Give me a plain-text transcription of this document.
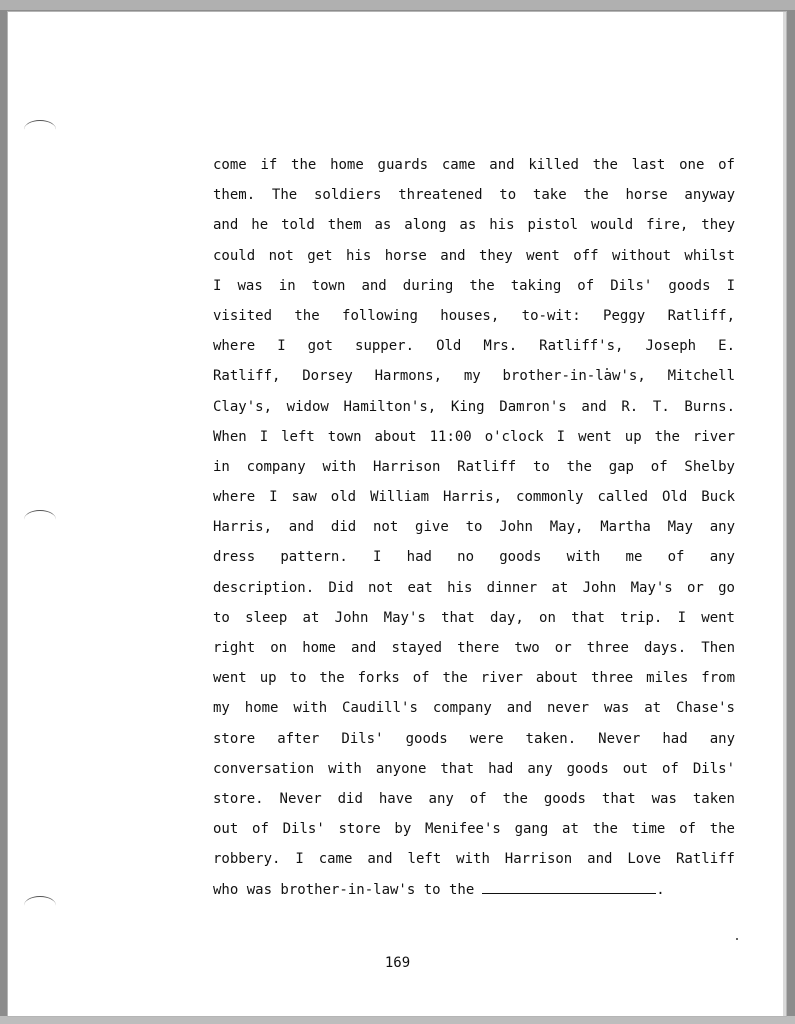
come if the home guards came and killed the last one of
them. The soldiers threatened to take the horse anyway
and he told them as along as his pistol would fire, they
could not get his horse and they went off without whilst
I was in town and during the taking of Dils' goods I
visited the following houses, to-wit: Peggy Ratliff,
where I got supper. Old Mrs. Ratliff's, Joseph E.
Ratliff, Dorsey Harmons, my brother-in-law's, Mitchell
Clay's, widow Hamilton's, King Damron's and R. T. Burns.
When I left town about 11:00 o'clock I went up the river
in company with Harrison Ratliff to the gap of Shelby
where I saw old William Harris, commonly called Old Buck
Harris, and did not give to John May, Martha May any
dress pattern. I had no goods with me of any
description. Did not eat his dinner at John May's or go
to sleep at John May's that day, on that trip. I went
right on home and stayed there two or three days. Then
went up to the forks of the river about three miles from
my home with Caudill's company and never was at Chase's
store after Dils' goods were taken. Never had any
conversation with anyone that had any goods out of Dils'
store. Never did have any of the goods that was taken
out of Dils' store by Menifee's gang at the time of the
robbery. I came and left with Harrison and Love Ratliff
who was brother-in-law's to the	.
169
